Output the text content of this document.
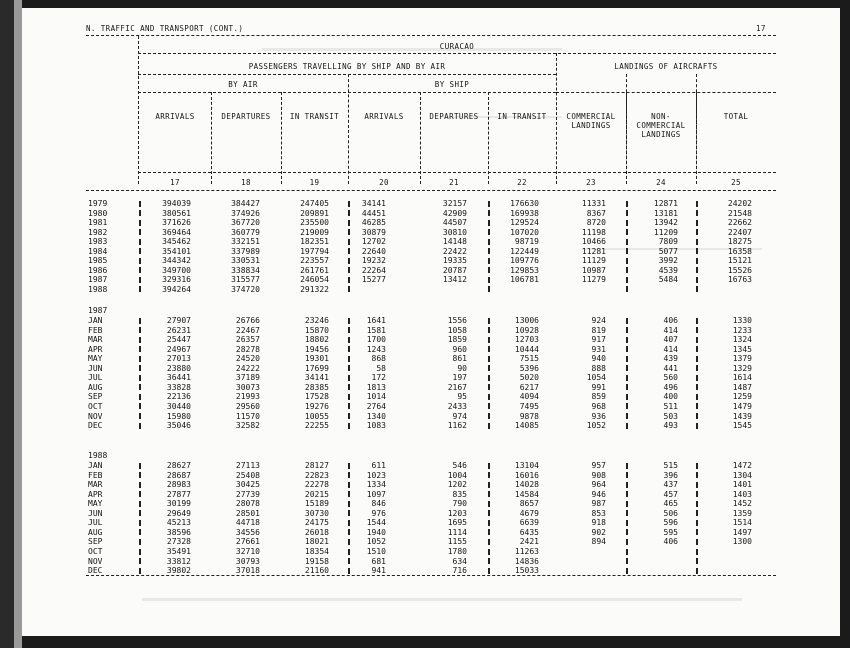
N. TRAFFIC AND TRANSPORT (CONT.)	17
CURACAO
PASSENGERS TRAVELLING BY SHIP AND BY AIR	LANDINGS OF AIRCRAFTS
BY AIR	BY SHIP
ARRIVALS	DEPARTURES	IN TRANSIT	ARRIVALS	DEPARTURES	IN TRANSIT	COMMERCIAL
LANDINGS
NON-
COMMERCIAL
LANDINGS
TOTAL
17	18	19	20	21	22	23	24	25
1979	394039	384427	247405	34141	32157	176630	11331	12871	24202
1980	380561	374926	209891	44451	42909	169938	8367	13181	21548
1981	371626	367720	235500	46285	44507	129524	8720	13942	22662
1982	369464	360779	219009	30879	30810	107020	11198	11209	22407
1983	345462	332151	182351	12702	14148	98719	10466	7809	18275
1984	354101	337989	197794	22640	22422	122449	11281	5077	16358
1985	344342	330531	223557	19232	19335	109776	11129	3992	15121
1986	349700	338834	261761	22264	20787	129853	10987	4539	15526
1987	329316	315577	246054	15277	13412	106781	11279	5484	16763
1988	394264	374720	291322
1987
JAN	27907	26766	23246	1641	1556	13006	924	406	1330
FEB	26231	22467	15870	1581	1058	10928	819	414	1233
MAR	25447	26357	18802	1700	1859	12703	917	407	1324
APR	24967	28278	19456	1243	960	10444	931	414	1345
MAY	27013	24520	19301	868	861	7515	940	439	1379
JUN	23880	24222	17699	58	90	5396	888	441	1329
JUL	36441	37189	34141	172	197	5020	1054	560	1614
AUG	33828	30073	28385	1813	2167	6217	991	496	1487
SEP	22136	21993	17528	1014	95	4094	859	400	1259
OCT	30440	29560	19276	2764	2433	7495	968	511	1479
NOV	15980	11570	10055	1340	974	9878	936	503	1439
DEC	35046	32582	22255	1083	1162	14085	1052	493	1545
1988
JAN	28627	27113	28127	611	546	13104	957	515	1472
FEB	28687	25408	22823	1023	1004	16016	908	396	1304
MAR	28983	30425	22278	1334	1202	14028	964	437	1401
APR	27877	27739	20215	1097	835	14584	946	457	1403
MAY	30199	28078	15189	846	790	8657	987	465	1452
JUN	29649	28501	30730	976	1203	4679	853	506	1359
JUL	45213	44718	24175	1544	1695	6639	918	596	1514
AUG	38596	34556	26018	1940	1114	6435	902	595	1497
SEP	27328	27661	18021	1052	1155	2421	894	406	1300
OCT	35491	32710	18354	1510	1780	11263
NOV	33812	30793	19158	681	634	14836
DEC	39802	37018	21160	941	716	15033
